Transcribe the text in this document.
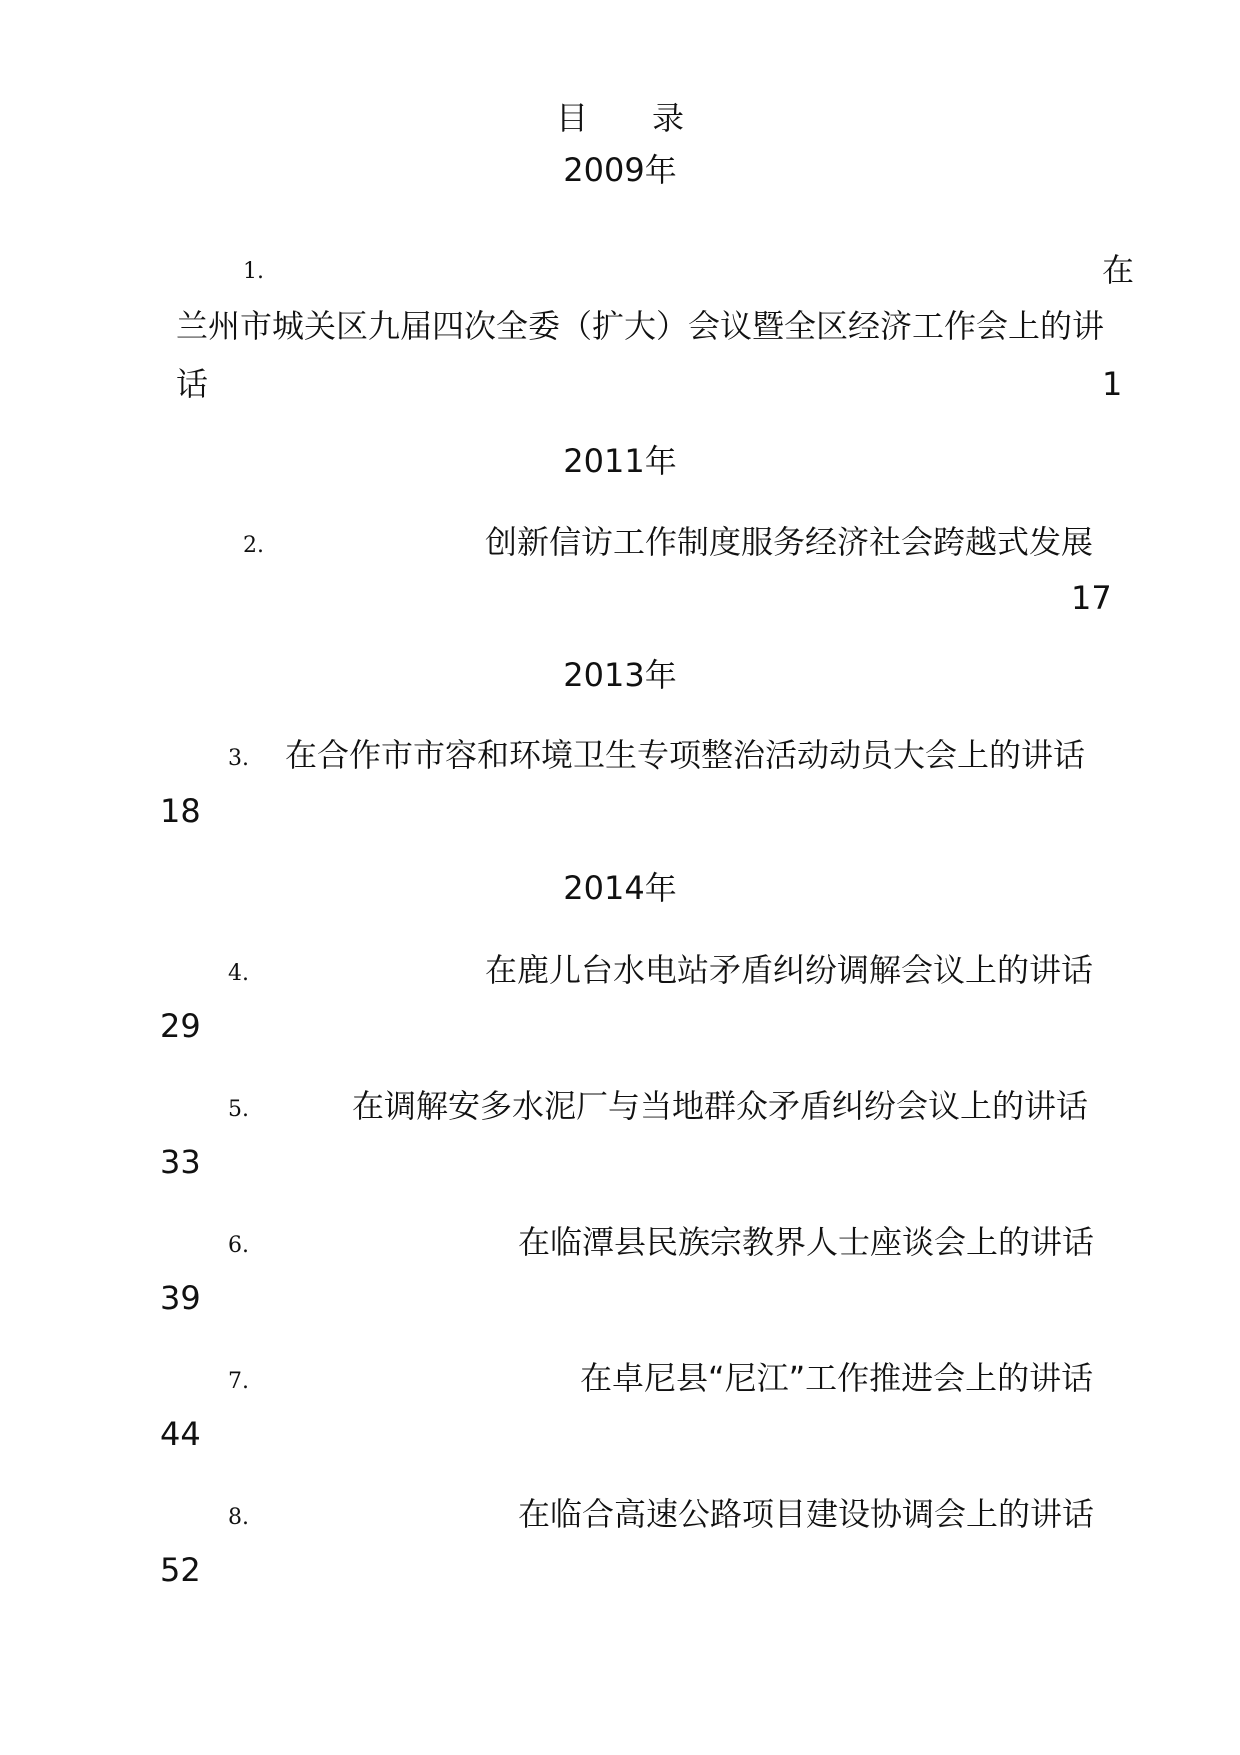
目　　录
2009年
1.	在
兰州市城关区九届四次全委（扩大）会议暨全区经济工作会上的讲
话	1
2011年
2.	创新信访工作制度服务经济社会跨越式发展
17
2013年
3. 在合作市市容和环境卫生专项整治活动动员大会上的讲话
18
2014年
4.	在鹿儿台水电站矛盾纠纷调解会议上的讲话
29
5.	在调解安多水泥厂与当地群众矛盾纠纷会议上的讲话
33
6.	在临潭县民族宗教界人士座谈会上的讲话
39
7.	在卓尼县“尼江”工作推进会上的讲话
44
8.	在临合高速公路项目建设协调会上的讲话
52
